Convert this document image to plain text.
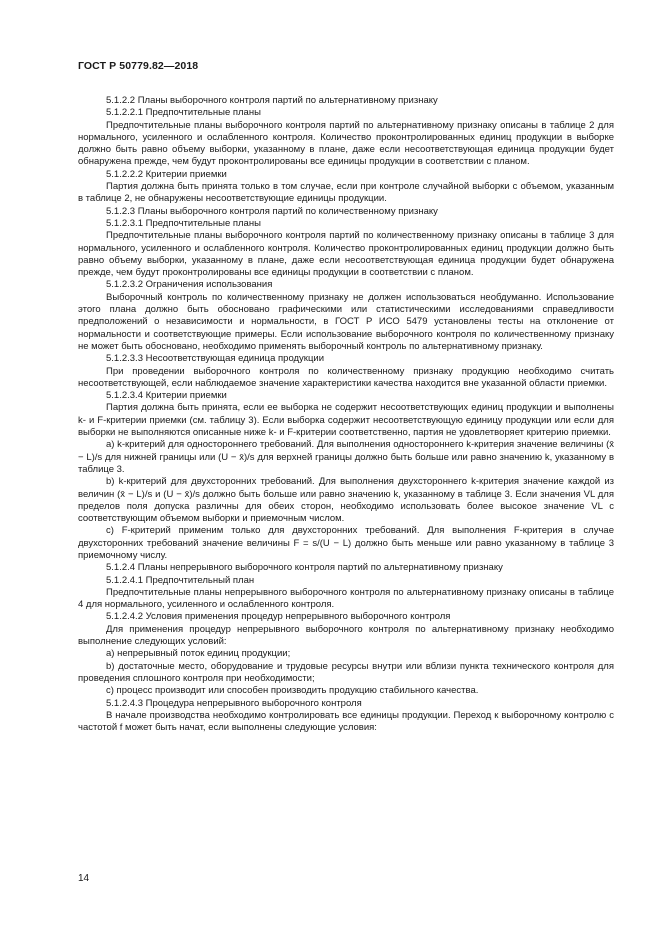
ГОСТ Р 50779.82—2018

5.1.2.2 Планы выборочного контроля партий по альтернативному признаку

5.1.2.2.1 Предпочтительные планы

Предпочтительные планы выборочного контроля партий по альтернативному признаку описаны в таблице 2 для нормального, усиленного и ослабленного контроля. Количество проконтролированных единиц продукции в выборке должно быть равно объему выборки, указанному в плане, даже если несоответствующая единица продукции будет обнаружена прежде, чем будут проконтролированы все единицы продукции в соответствии с планом.

5.1.2.2.2 Критерии приемки

Партия должна быть принята только в том случае, если при контроле случайной выборки с объемом, указанным в таблице 2, не обнаружены несоответствующие единицы продукции.

5.1.2.3 Планы выборочного контроля партий по количественному признаку

5.1.2.3.1 Предпочтительные планы

Предпочтительные планы выборочного контроля партий по количественному признаку описаны в таблице 3 для нормального, усиленного и ослабленного контроля. Количество проконтролированных единиц продукции должно быть равно объему выборки, указанному в плане, даже если несоответствующая единица продукции будет обнаружена прежде, чем будут проконтролированы все единицы продукции в соответствии с планом.

5.1.2.3.2 Ограничения использования

Выборочный контроль по количественному признаку не должен использоваться необдуманно. Использование этого плана должно быть обосновано графическими или статистическими исследованиями справедливости предположений о независимости и нормальности, в ГОСТ Р ИСО 5479 установлены тесты на отклонение от нормальности и соответствующие примеры. Если использование выборочного контроля по количественному признаку не может быть обосновано, необходимо применять выборочный контроль по альтернативному признаку.

5.1.2.3.3 Несоответствующая единица продукции

При проведении выборочного контроля по количественному признаку продукцию необходимо считать несоответствующей, если наблюдаемое значение характеристики качества находится вне указанной области приемки.

5.1.2.3.4 Критерии приемки

Партия должна быть принята, если ее выборка не содержит несоответствующих единиц продукции и выполнены k- и F-критерии приемки (см. таблицу 3). Если выборка содержит несоответствующую единицу продукции или если для выборки не выполняются описанные ниже k- и F-критерии соответственно, партия не удовлетворяет критерию приемки.

a) k-критерий для одностороннего требований. Для выполнения одностороннего k-критерия значение величины (x̄ − L)/s для нижней границы или (U − x̄)/s для верхней границы должно быть больше или равно значению k, указанному в таблице 3.

b) k-критерий для двухсторонних требований. Для выполнения двухстороннего k-критерия значение каждой из величин (x̄ − L)/s и (U − x̄)/s должно быть больше или равно значению k, указанному в таблице 3. Если значения VL для пределов поля допуска различны для обеих сторон, необходимо использовать более высокое значение VL с соответствующим объемом выборки и приемочным числом.

c) F-критерий применим только для двухсторонних требований. Для выполнения F-критерия в случае двухсторонних требований значение величины F = s/(U − L) должно быть меньше или равно указанному в таблице 3 приемочному числу.

5.1.2.4 Планы непрерывного выборочного контроля партий по альтернативному признаку

5.1.2.4.1 Предпочтительный план

Предпочтительные планы непрерывного выборочного контроля по альтернативному признаку описаны в таблице 4 для нормального, усиленного и ослабленного контроля.

5.1.2.4.2 Условия применения процедур непрерывного выборочного контроля

Для применения процедур непрерывного выборочного контроля по альтернативному признаку необходимо выполнение следующих условий:

a) непрерывный поток единиц продукции;

b) достаточные место, оборудование и трудовые ресурсы внутри или вблизи пункта технического контроля для проведения сплошного контроля при необходимости;

c) процесс производит или способен производить продукцию стабильного качества.

5.1.2.4.3 Процедура непрерывного выборочного контроля

В начале производства необходимо контролировать все единицы продукции. Переход к выборочному контролю с частотой f может быть начат, если выполнены следующие условия:

14
